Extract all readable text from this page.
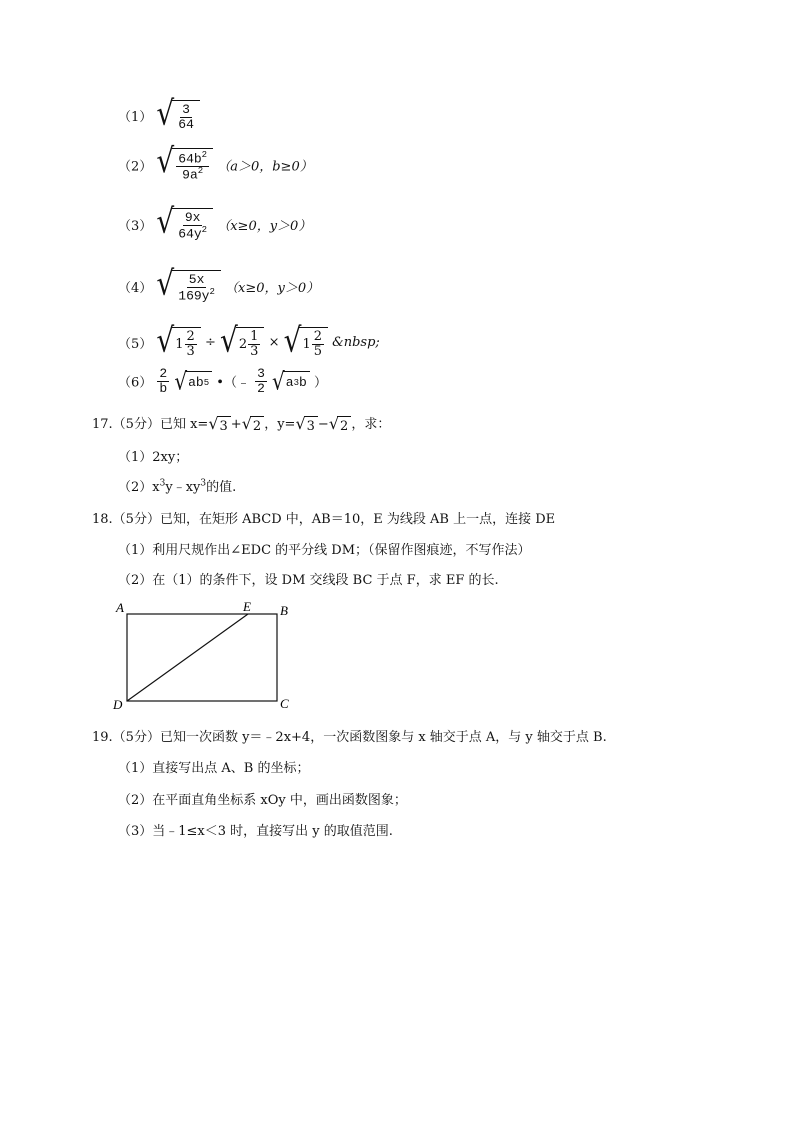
（1） √ $\frac{3}{64}$
（2） √ $\frac{64b^2}{9a^2} (a>0$，b≥0）
（3） √ $\frac{9x}{64y^2} (x\ge 0$，y＞0）
（4） √ $\frac{5x}{169y^2} (x\ge 0$，y＞0）
（5） √ $1 \frac{2}{3}$ ÷ √ $2 \frac{1}{3}$ × √ $1 \frac{2}{5}$ &nbsp;
$(6) \frac{2}{b}$
√ ab 5 •（﹣ $\frac{3}{2}$
√ a 3 b ）
17.（5分）已知 x= √ 3 + √ 2 ，y= √ 3 − √ 2 ，求：
（1）2xy；
$(2)x^3y﹣xy^3$的值.
18.（5分）已知，在矩形 ABCD 中，AB＝10，E 为线段 AB 上一点，连接 DE
（1）利用尺规作出∠EDC 的平分线 DM；（保留作图痕迹，不写作法）
（2）在（1）的条件下，设 DM 交线段 BC 于点 F，求 EF 的长.
A	E B
C
D
19.（5分）已知一次函数 y＝﹣2x+4，一次函数图象与 x 轴交于点 A，与 y 轴交于点 B.
（1）直接写出点 A、B 的坐标；
（2）在平面直角坐标系 xOy 中，画出函数图象；
（3）当﹣1≤x＜3 时，直接写出 y 的取值范围.
